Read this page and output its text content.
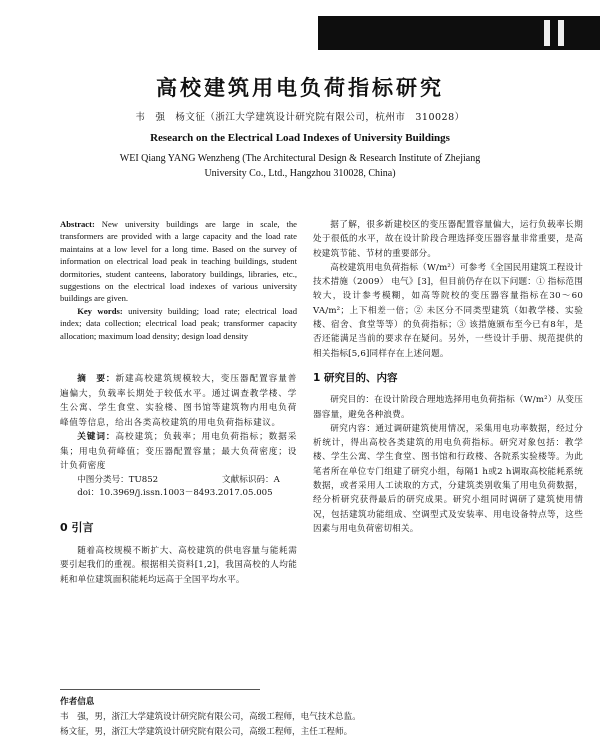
高校建筑用电负荷指标研究
韦　强　杨文征（浙江大学建筑设计研究院有限公司，杭州市　310028）
Research on the Electrical Load Indexes of University Buildings
WEI Qiang YANG Wenzheng (The Architectural Design & Research Institute of Zhejiang
University Co., Ltd., Hangzhou 310028, China)

Abstract: New university buildings are large in scale, the transformers are provided with a large capacity and the load rate maintains at a low level for a long time. Based on the survey of information on electrical load peak in teaching buildings, student dormitories, student canteens, laboratory buildings, libraries, etc., suggestions on the electrical load indexes of various university buildings are given.

Key words: university building; load rate; electrical load index; data collection; electrical load peak; transformer capacity allocation; maximum load density; design load density

摘　要：新建高校建筑规模较大，变压器配置容量普遍偏大，负载率长期处于较低水平。通过调查教学楼、学生公寓、学生食堂、实验楼、图书馆等建筑物内用电负荷峰值等信息，给出各类高校建筑的用电负荷指标建议。
关键词：高校建筑；负载率；用电负荷指标；数据采集；用电负荷峰值；变压器配置容量；最大负荷密度；设计负荷密度
中图分类号：TU852	文献标识码：A
doi：10.3969/j.issn.1003－8493.2017.05.005
0 引言

随着高校规模不断扩大、高校建筑的供电容量与能耗需要引起我们的重视。根据相关资料[1,2]，我国高校的人均能耗和单位建筑面积能耗均远高于全国平均水平。

据了解，很多新建校区的变压器配置容量偏大，运行负载率长期处于很低的水平，故在设计阶段合理选择变压器容量非常重要，是高校建筑节能、节材的重要部分。

高校建筑用电负荷指标（W/m²）可参考《全国民用建筑工程设计技术措施（2009） 电气》[3]，但目前仍存在以下问题：① 指标范围较大，设计参考模糊，如高等院校的变压器容量指标在30～60 VA/m²；上下相差一倍；② 未区分不同类型建筑（如教学楼、实验楼、宿舍、食堂等等）的负荷指标；③ 该措施颁布至今已有8年，是否还能满足当前的要求存在疑问。另外，一些设计手册、规范提供的相关指标[5,6]同样存在上述问题。

1 研究目的、内容

研究目的：在设计阶段合理地选择用电负荷指标（W/m²）从变压器容量，避免各种浪费。

研究内容：通过调研建筑使用情况，采集用电功率数据，经过分析统计，得出高校各类建筑的用电负荷指标。研究对象包括：教学楼、学生公寓、学生食堂、图书馆和行政楼、各院系实验楼等。为此笔者所在单位专门组建了研究小组，每隔1 h或2 h调取高校能耗系统数据，或者采用人工读取的方式，分建筑类别收集了用电负荷数据，经分析研究获得最后的研究成果。研究小组同时调研了建筑使用情况，包括建筑功能组成、空调型式及安装率、用电设备特点等，这些因素与用电负荷密切相关。

作者信息
韦　强，男，浙江大学建筑设计研究院有限公司，高级工程师，电气技术总监。
杨文征，男，浙江大学建筑设计研究院有限公司，高级工程师，主任工程师。
